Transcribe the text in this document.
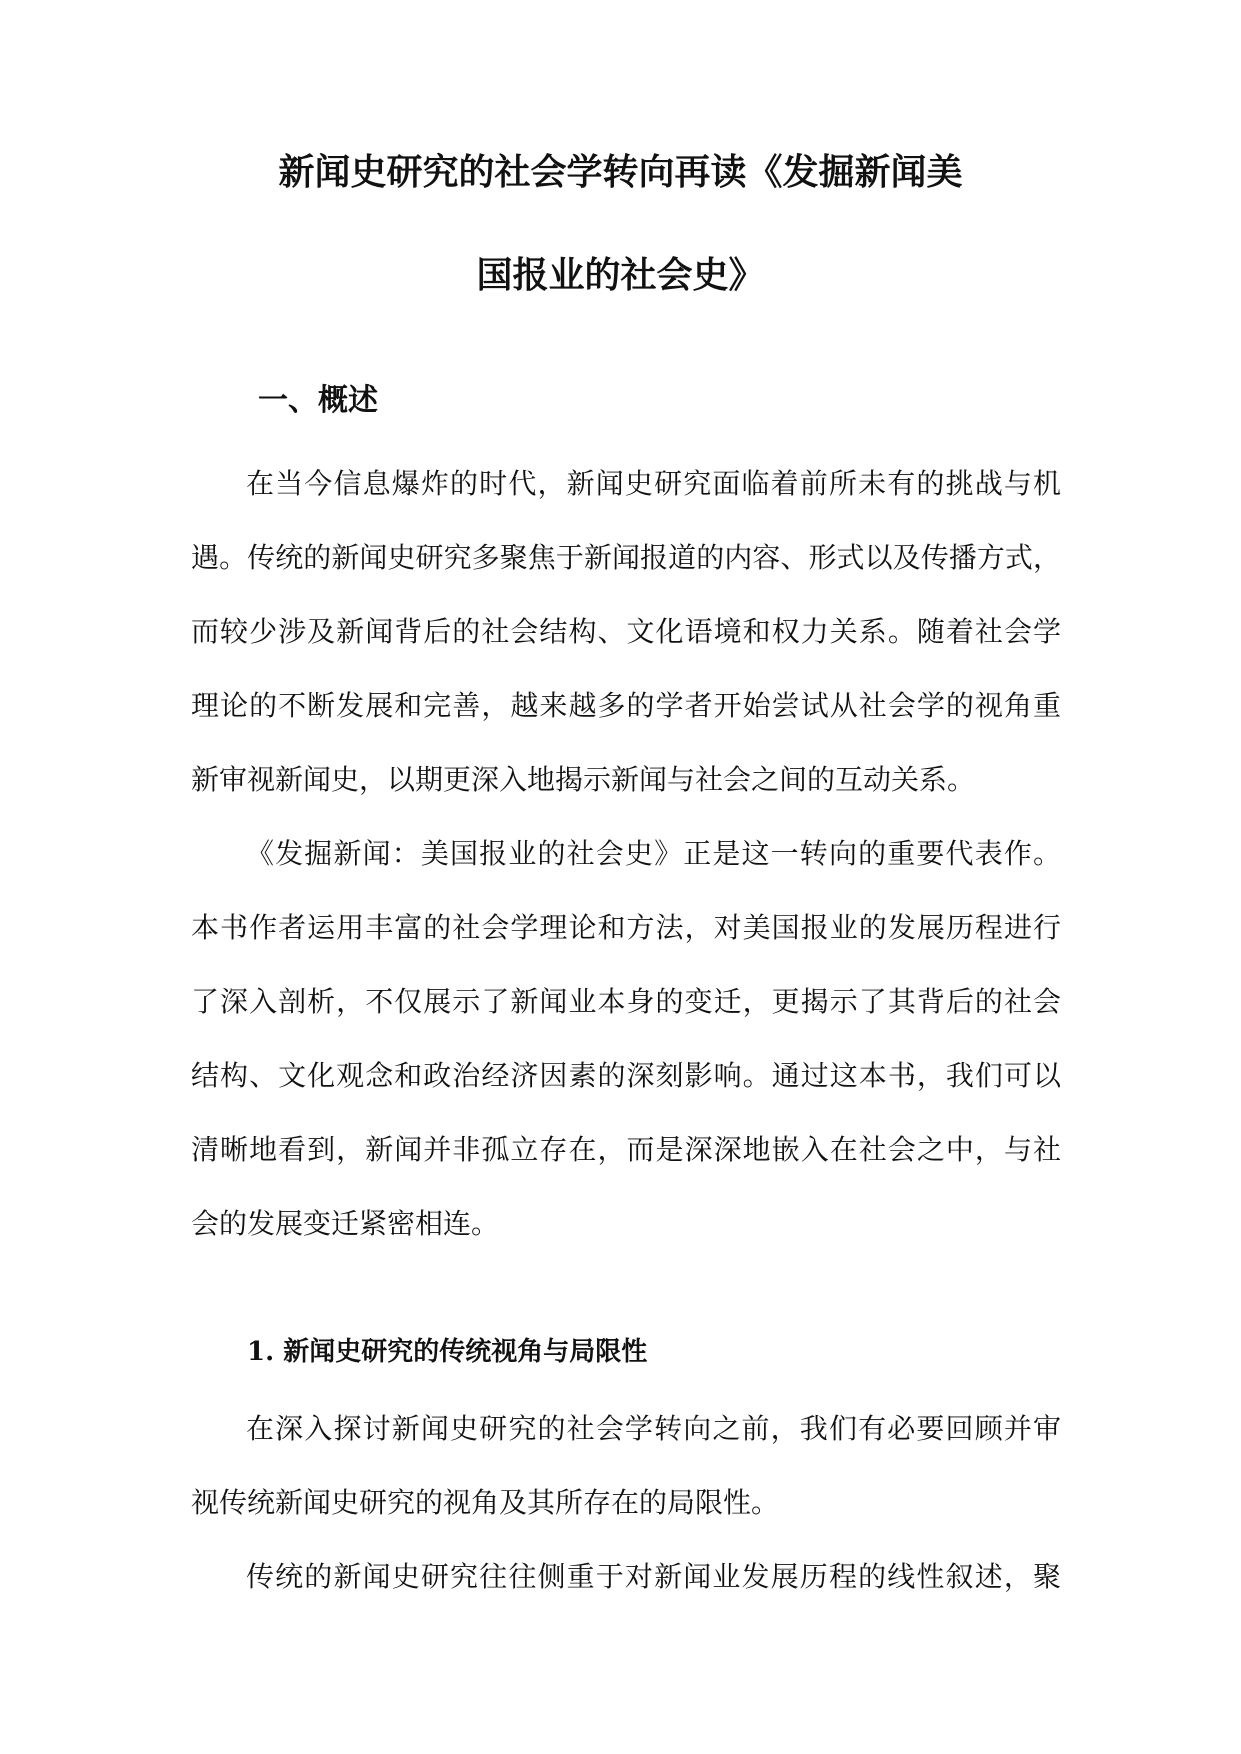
新闻史研究的社会学转向再读《发掘新闻美
国报业的社会史》
一、概述
在当今信息爆炸的时代，新闻史研究面临着前所未有的挑战与机
遇。传统的新闻史研究多聚焦于新闻报道的内容、形式以及传播方式，
而较少涉及新闻背后的社会结构、文化语境和权力关系。随着社会学
理论的不断发展和完善，越来越多的学者开始尝试从社会学的视角重
新审视新闻史，以期更深入地揭示新闻与社会之间的互动关系。
《发掘新闻：美国报业的社会史》正是这一转向的重要代表作。
本书作者运用丰富的社会学理论和方法，对美国报业的发展历程进行
了深入剖析，不仅展示了新闻业本身的变迁，更揭示了其背后的社会
结构、文化观念和政治经济因素的深刻影响。通过这本书，我们可以
清晰地看到，新闻并非孤立存在，而是深深地嵌入在社会之中，与社
会的发展变迁紧密相连。
1. 新闻史研究的传统视角与局限性
在深入探讨新闻史研究的社会学转向之前，我们有必要回顾并审
视传统新闻史研究的视角及其所存在的局限性。
传统的新闻史研究往往侧重于对新闻业发展历程的线性叙述，聚
